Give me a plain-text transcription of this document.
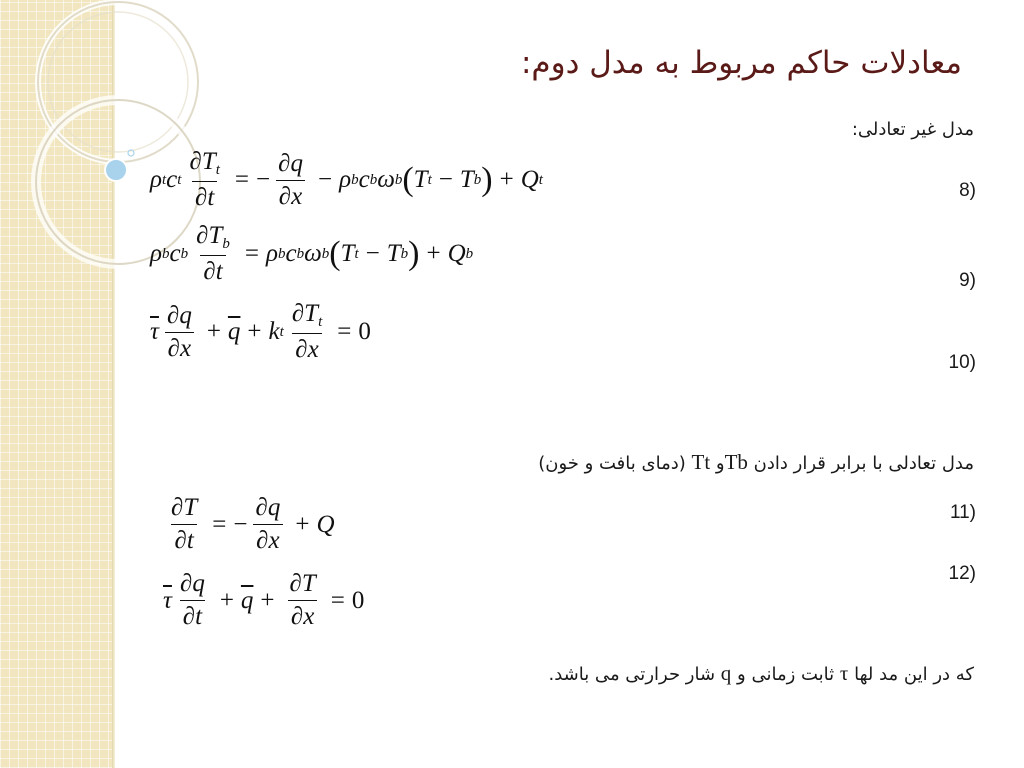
معادلات حاکم مربوط به مدل دوم:
مدل غیر تعادلی:
ρ t c t $\frac{\partial T_t}{\partial t}$ = − $\frac{\partial q}{\partial x} - \rho$ b c b ω b ( T t − T b ) + Q t
8)
ρ b c b $\frac{\partial T_b}{\partial t} = \rho$ b c b ω b ( T t − T b ) + Q b
9)
$\overline{\tau} \frac{\partial q}{\partial x} + \overline{q} + k$ t $\frac{\partial T_t}{\partial x} = 0$
10)
مدل تعادلی با برابر قرار دادن Tbو Tt (دمای بافت و خون)
$\frac{\partial T}{\partial t}$ = − $\frac{\partial q}{\partial x} + Q$	11)
$\overline{\tau} \frac{\partial q}{\partial t} + \overline{q} + \frac{\partial T}{\partial x} = 0$
12)
که در این مد لها τ ثابت زمانی و q شار حرارتی می باشد.
